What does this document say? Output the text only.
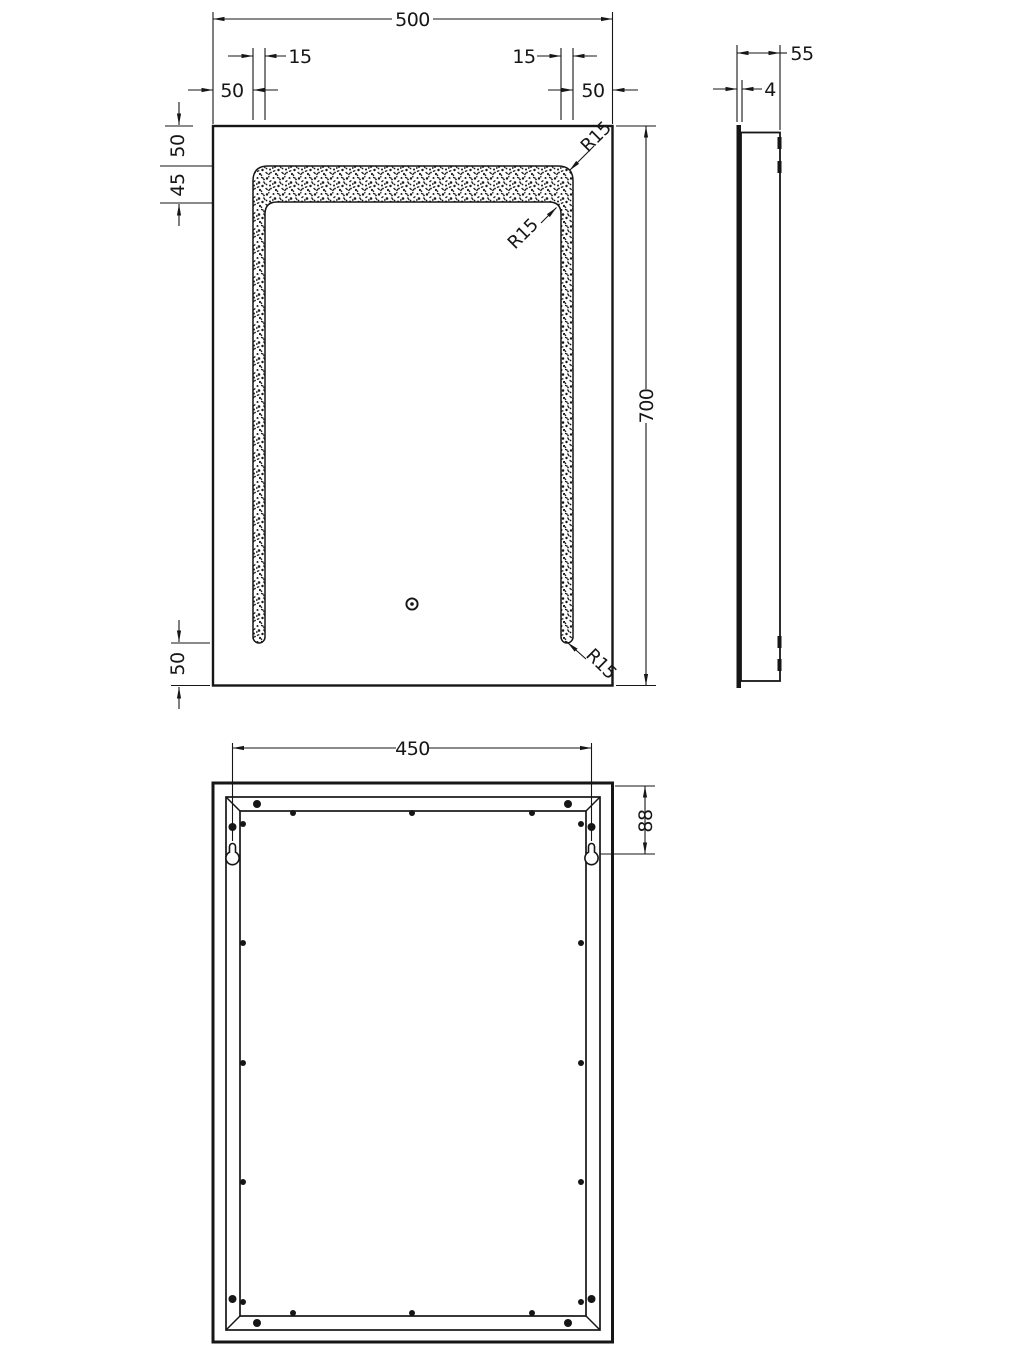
500
15	15
50	50
50
45
700
50
R15
R15
R15
55
4
450
88
